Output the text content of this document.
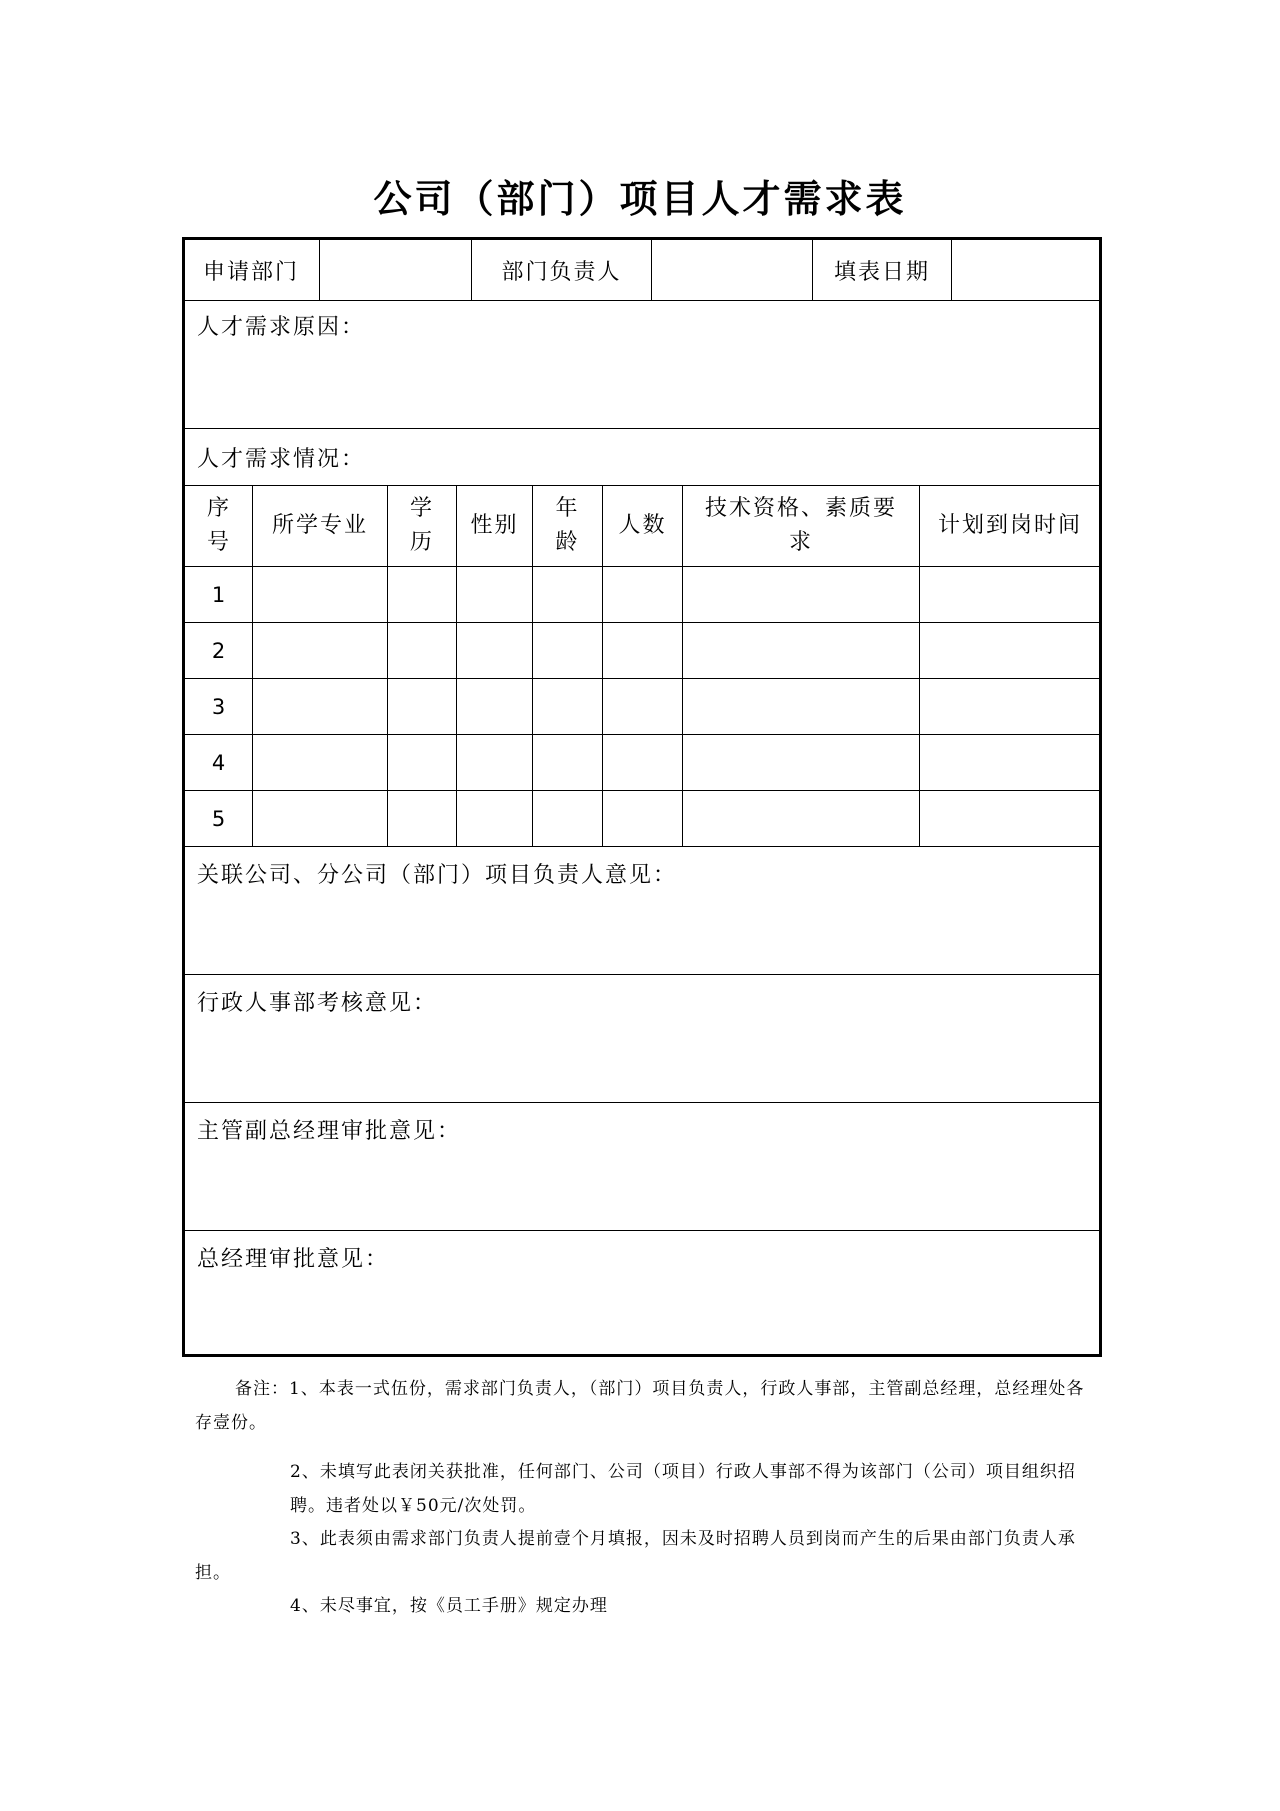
公司（部门）项目人才需求表
申请部门	部门负责人	填表日期
人才需求原因：
人才需求情况：
序号
所学专业
学历
性别
年龄
人数
技术资格、素质要求
计划到岗时间
1
2
3
4
5
关联公司、分公司（部门）项目负责人意见：
行政人事部考核意见：
主管副总经理审批意见：
总经理审批意见：
备注：1、本表一式伍份，需求部门负责人，（部门）项目负责人，行政人事部，主管副总经理，总经理处各存壹份。
2、未填写此表闭关获批准，任何部门、公司（项目）行政人事部不得为该部门（公司）项目组织招聘。违者处以￥50元/次处罚。
3、此表须由需求部门负责人提前壹个月填报，因未及时招聘人员到岗而产生的后果由部门负责人承担。
4、未尽事宜，按《员工手册》规定办理
